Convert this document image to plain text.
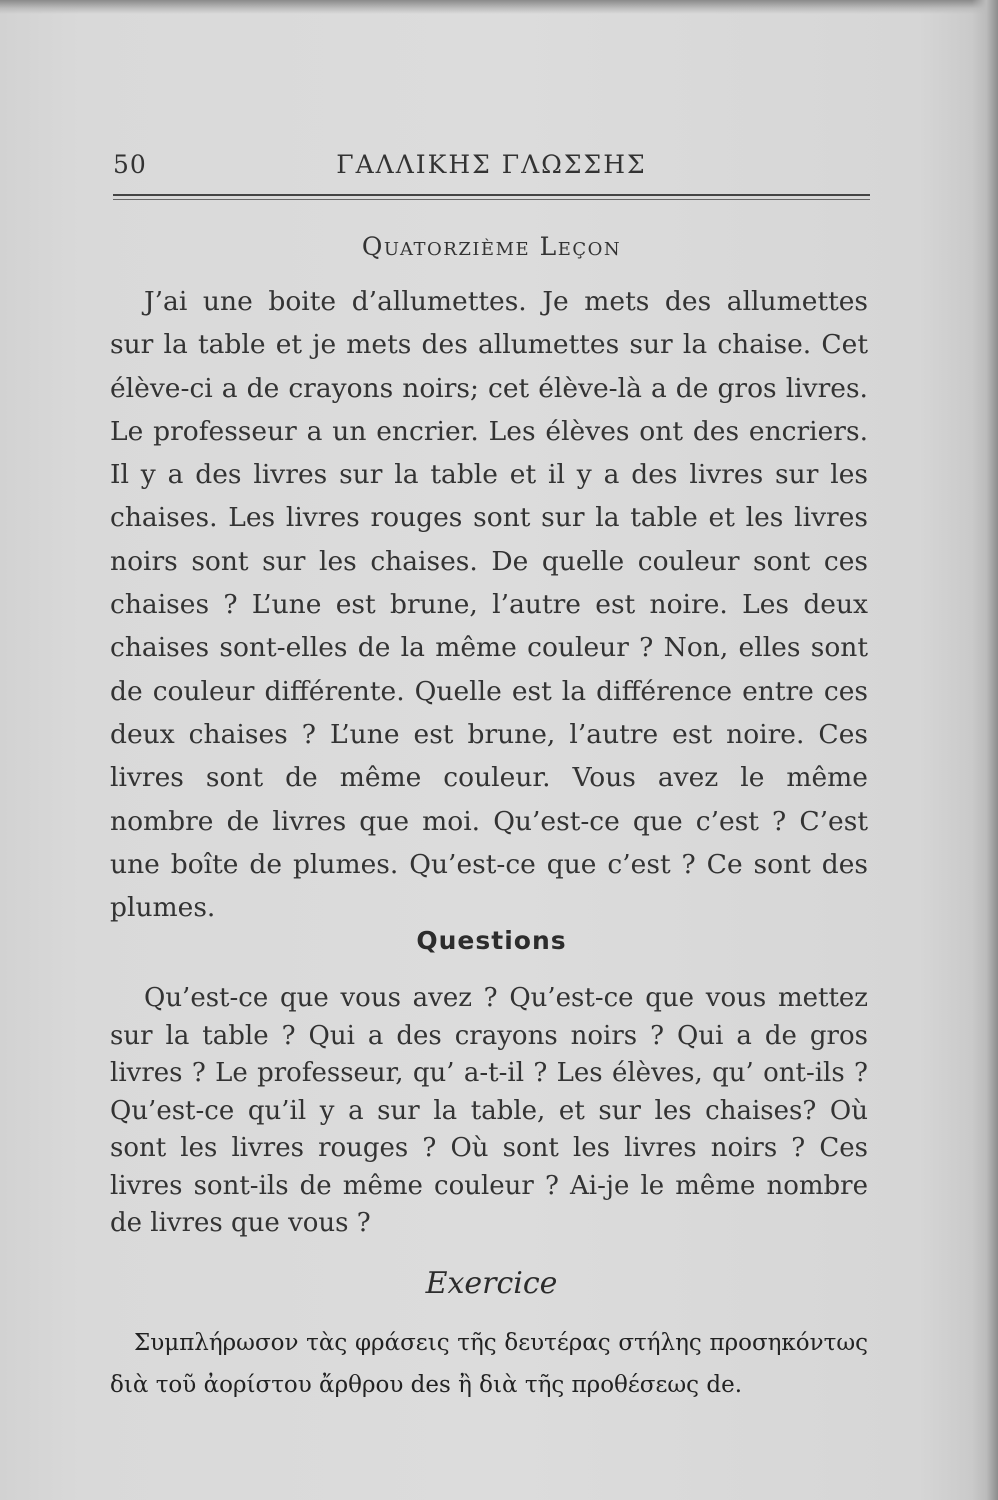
50	ΓΑΛΛΙΚΗΣ ΓΛΩΣΣΗΣ
Quatorzième Leçon

J’ai une boite d’allumettes. Je mets des allumettes sur la table et je mets des allumettes sur la chaise. Cet élève-ci a de crayons noirs; cet élève-là a de gros livres. Le professeur a un encrier. Les élèves ont des encriers. Il y a des livres sur la table et il y a des livres sur les chaises. Les livres rouges sont sur la table et les livres noirs sont sur les chaises. De quelle couleur sont ces chaises ? L’une est brune, l’autre est noire. Les deux chaises sont-elles de la même couleur ? Non, elles sont de couleur différente. Quelle est la différence entre ces deux chaises ? L’une est brune, l’autre est noire. Ces livres sont de même couleur. Vous avez le même nombre de livres que moi. Qu’est-ce que c’est ? C’est une boîte de plumes. Qu’est-ce que c’est ? Ce sont des plumes.

Questions

Qu’est-ce que vous avez ? Qu’est-ce que vous mettez sur la table ? Qui a des crayons noirs ? Qui a de gros livres ? Le professeur, qu’ a-t-il ? Les élèves, qu’ ont-ils ? Qu’est-ce qu’il y a sur la table, et sur les chaises? Où sont les livres rouges ? Où sont les livres noirs ? Ces livres sont-ils de même couleur ? Ai-je le même nombre de livres que vous ?

Exercice

Συμπλήρωσον τὰς φράσεις τῆς δευτέρας στήλης προσηκόντως διὰ τοῦ ἀορίστου ἄρθρου des ἢ διὰ τῆς προθέσεως de.
